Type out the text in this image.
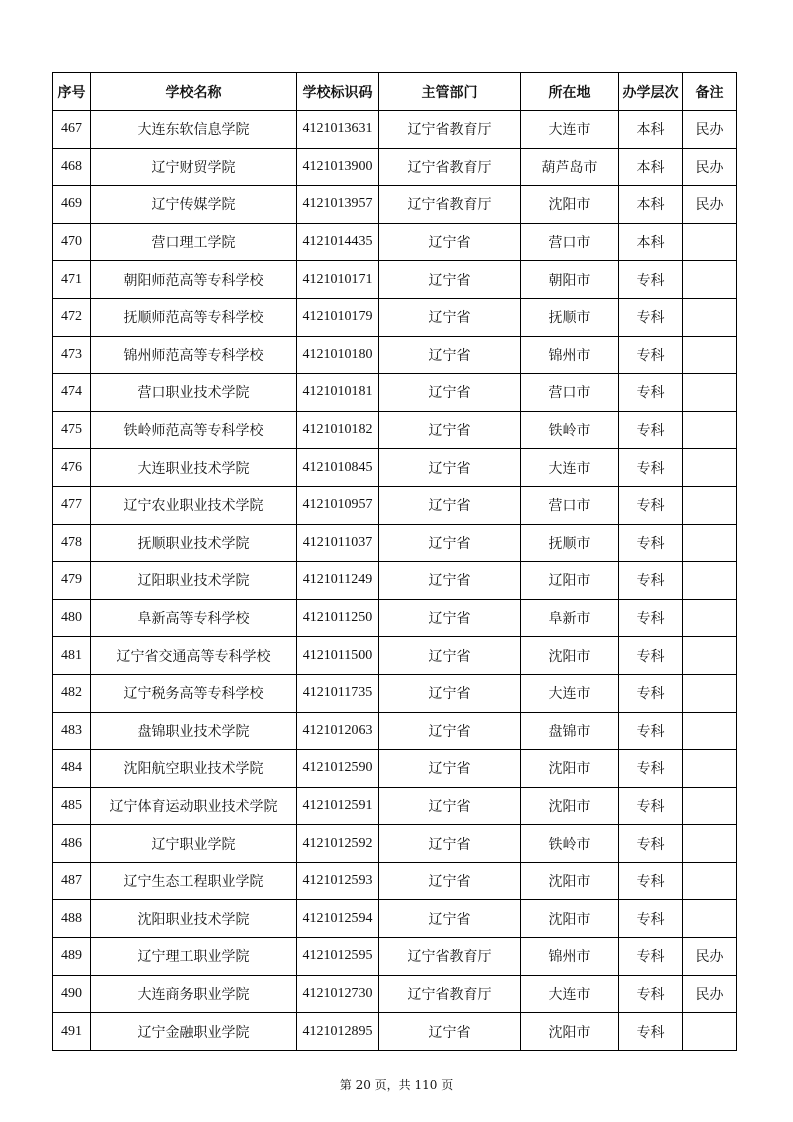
序号	学校名称	学校标识码	主管部门	所在地	办学层次	备注
467	大连东软信息学院	4121013631	辽宁省教育厅	大连市	本科	民办
468	辽宁财贸学院	4121013900	辽宁省教育厅	葫芦岛市	本科	民办
469	辽宁传媒学院	4121013957	辽宁省教育厅	沈阳市	本科	民办
470	营口理工学院	4121014435	辽宁省	营口市	本科	
471	朝阳师范高等专科学校	4121010171	辽宁省	朝阳市	专科	
472	抚顺师范高等专科学校	4121010179	辽宁省	抚顺市	专科	
473	锦州师范高等专科学校	4121010180	辽宁省	锦州市	专科	
474	营口职业技术学院	4121010181	辽宁省	营口市	专科	
475	铁岭师范高等专科学校	4121010182	辽宁省	铁岭市	专科	
476	大连职业技术学院	4121010845	辽宁省	大连市	专科	
477	辽宁农业职业技术学院	4121010957	辽宁省	营口市	专科	
478	抚顺职业技术学院	4121011037	辽宁省	抚顺市	专科	
479	辽阳职业技术学院	4121011249	辽宁省	辽阳市	专科	
480	阜新高等专科学校	4121011250	辽宁省	阜新市	专科	
481	辽宁省交通高等专科学校	4121011500	辽宁省	沈阳市	专科	
482	辽宁税务高等专科学校	4121011735	辽宁省	大连市	专科	
483	盘锦职业技术学院	4121012063	辽宁省	盘锦市	专科	
484	沈阳航空职业技术学院	4121012590	辽宁省	沈阳市	专科	
485	辽宁体育运动职业技术学院	4121012591	辽宁省	沈阳市	专科	
486	辽宁职业学院	4121012592	辽宁省	铁岭市	专科	
487	辽宁生态工程职业学院	4121012593	辽宁省	沈阳市	专科	
488	沈阳职业技术学院	4121012594	辽宁省	沈阳市	专科	
489	辽宁理工职业学院	4121012595	辽宁省教育厅	锦州市	专科	民办
490	大连商务职业学院	4121012730	辽宁省教育厅	大连市	专科	民办
491	辽宁金融职业学院	4121012895	辽宁省	沈阳市	专科	
第 20 页，共 110 页
